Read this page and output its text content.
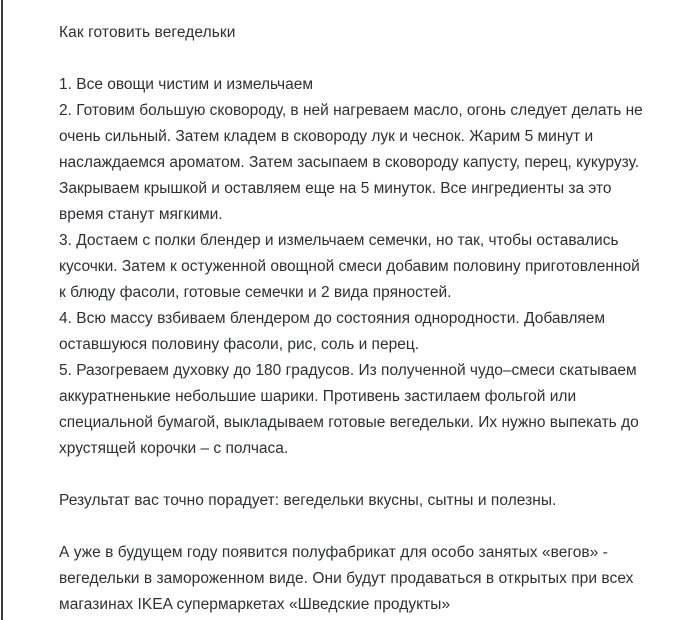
Как готовить вегедельки

1. Все овощи чистим и измельчаем

2. Готовим большую сковороду, в ней нагреваем масло, огонь следует делать не очень сильный. Затем кладем в сковороду лук и чеснок. Жарим 5 минут и наслаждаемся ароматом. Затем засыпаем в сковороду капусту, перец, кукурузу. Закрываем крышкой и оставляем еще на 5 минуток. Все ингредиенты за это время станут мягкими.

3. Достаем с полки блендер и измельчаем семечки, но так, чтобы оставались кусочки. Затем к остуженной овощной смеси добавим половину приготовленной к блюду фасоли, готовые семечки и 2 вида пряностей.

4. Всю массу взбиваем блендером до состояния однородности. Добавляем оставшуюся половину фасоли, рис, соль и перец.

5. Разогреваем духовку до 180 градусов. Из полученной чудо–смеси скатываем аккуратненькие небольшие шарики. Противень застилаем фольгой или специальной бумагой, выкладываем готовые вегедельки. Их нужно выпекать до хрустящей корочки – с полчаса.

Результат вас точно порадует: вегедельки вкусны, сытны и полезны.

А уже в будущем году появится полуфабрикат для особо занятых «вегов» - вегедельки в замороженном виде. Они будут продаваться в открытых при всех магазинах IKEA супермаркетах «Шведские продукты»
